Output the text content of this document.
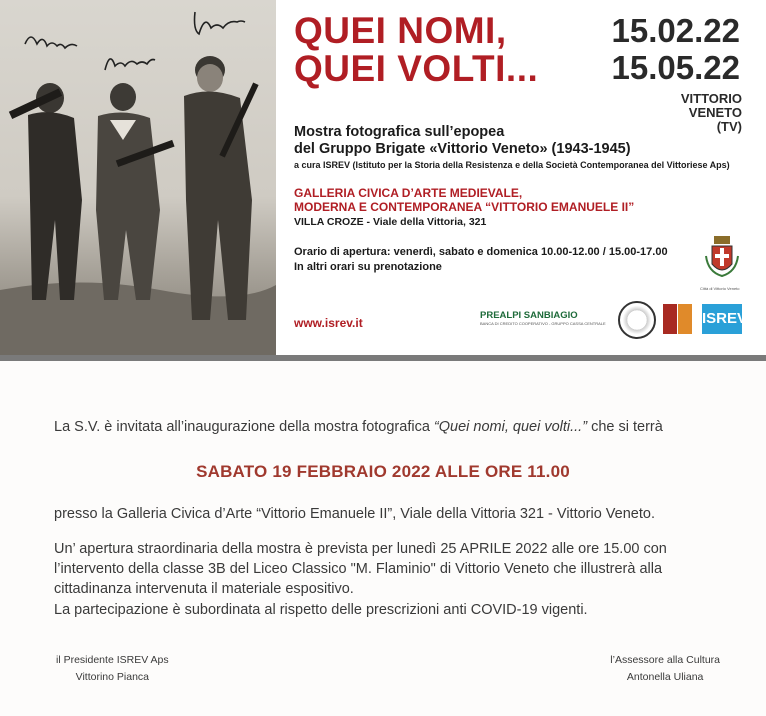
QUEI NOMI,
QUEI VOLTI...
15.02.22
15.05.22
VITTORIO
VENETO
(TV)
Mostra fotografica sull’epopea
del Gruppo Brigate «Vittorio Veneto» (1943-1945)
a cura ISREV (Istituto per la Storia della Resistenza e della Società Contemporanea del Vittoriese Aps)
GALLERIA CIVICA D’ARTE MEDIEVALE,
MODERNA E CONTEMPORANEA “VITTORIO EMANUELE II”
VILLA CROZE - Viale della Vittoria, 321
Orario di apertura: venerdì, sabato e domenica 10.00-12.00 / 15.00-17.00
In altri orari su prenotazione
www.isrev.it
PREALPI SANBIAGIO
BANCA DI CREDITO COOPERATIVO - GRUPPO CASSA CENTRALE	ISREV
Città di Vittorio Veneto
La S.V. è invitata all’inaugurazione della mostra fotografica “Quei nomi, quei volti...” che si terrà
SABATO 19 FEBBRAIO 2022 ALLE ORE 11.00
presso la Galleria Civica d’Arte “Vittorio Emanuele II”, Viale della Vittoria 321 - Vittorio Veneto.
Un’ apertura straordinaria della mostra è prevista per lunedì 25 APRILE 2022 alle ore 15.00 con
l’intervento della classe 3B del Liceo Classico "M. Flaminio" di Vittorio Veneto che illustrerà alla
cittadinanza intervenuta il materiale espositivo.
La partecipazione è subordinata al rispetto delle prescrizioni anti COVID-19 vigenti.
il Presidente ISREV Aps
Vittorino Pianca
l’Assessore alla Cultura
Antonella Uliana
